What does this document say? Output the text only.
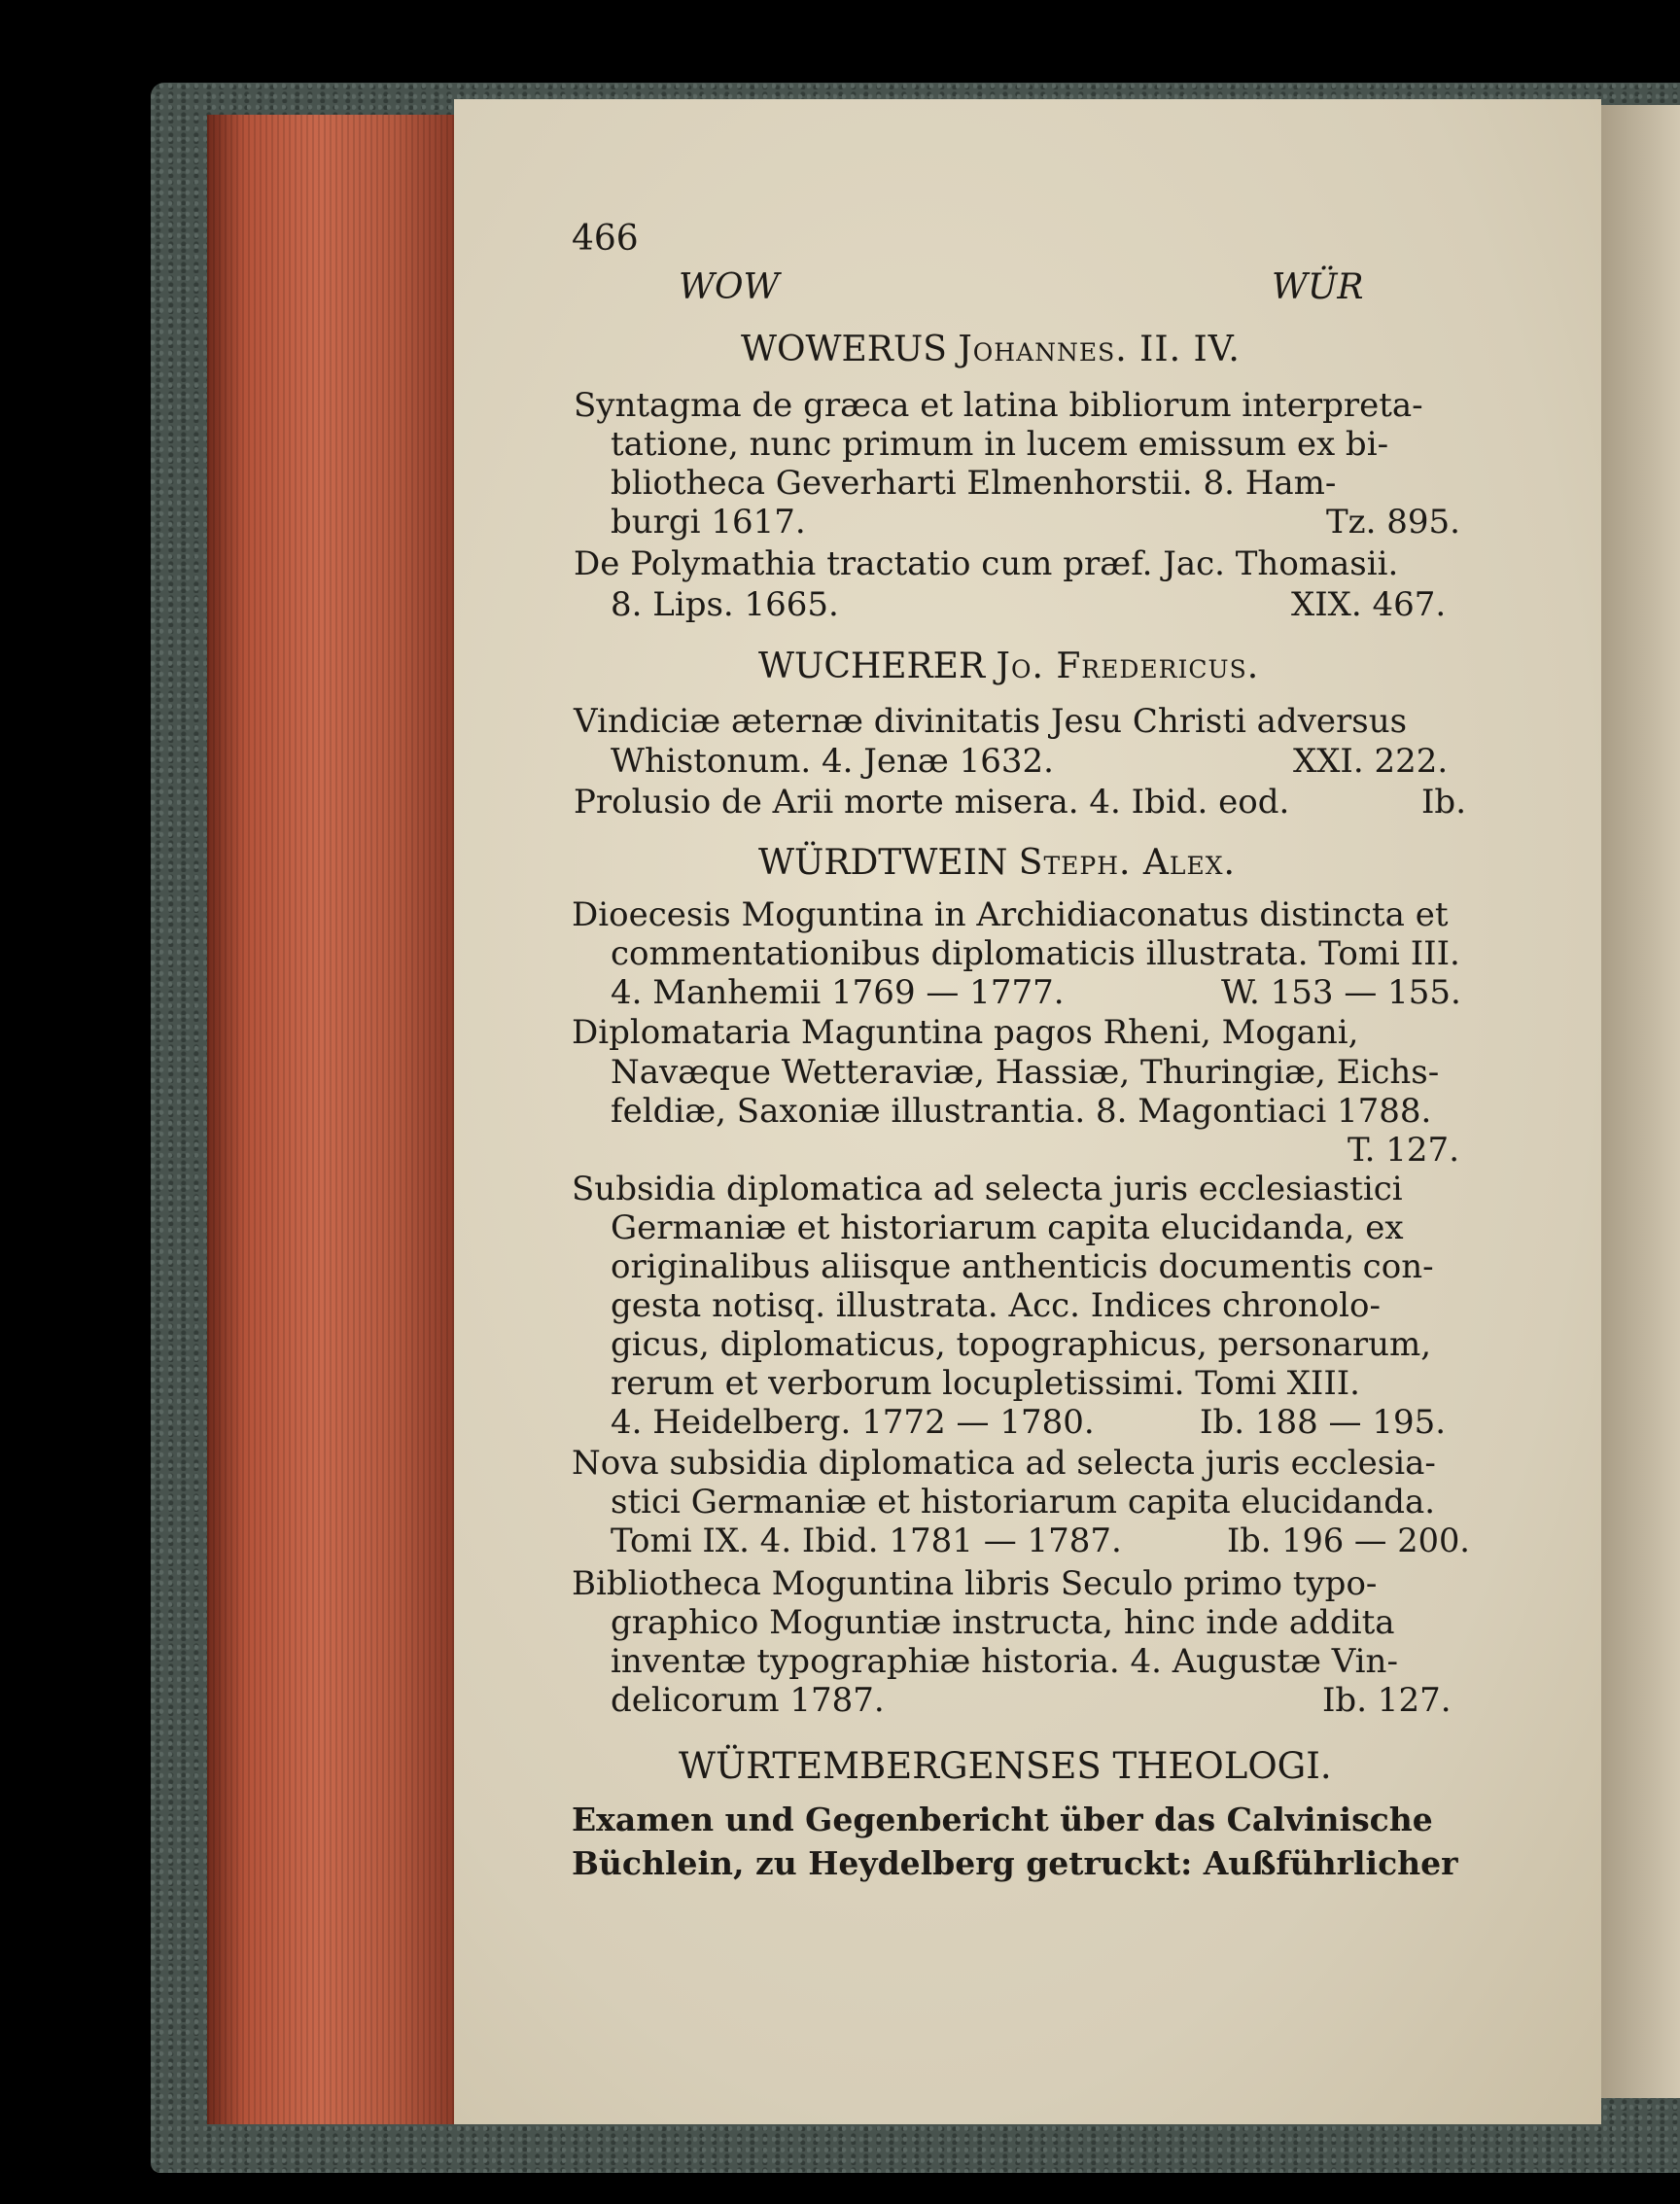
466
WOW	WÜR
WOWERUS Johannes. II. IV.
Syntagma de græca et latina bibliorum interpreta-
tatione, nunc primum in lucem emissum ex bi-
bliotheca Geverharti Elmenhorstii. 8. Ham-
burgi 1617.	Tz. 895.
De Polymathia tractatio cum præf. Jac. Thomasii.
8. Lips. 1665.	XIX. 467.
WUCHERER Jo. Fredericus.
Vindiciæ æternæ divinitatis Jesu Christi adversus
Whistonum. 4. Jenæ 1632.	XXI. 222.
Prolusio de Arii morte misera. 4. Ibid. eod.	Ib.
WÜRDTWEIN Steph. Alex.
Dioecesis Moguntina in Archidiaconatus distincta et
commentationibus diplomaticis illustrata. Tomi III.
4. Manhemii 1769 — 1777.	W. 153 — 155.
Diplomataria Maguntina pagos Rheni, Mogani,
Navæque Wetteraviæ, Hassiæ, Thuringiæ, Eichs-
feldiæ, Saxoniæ illustrantia. 8. Magontiaci 1788.
T. 127.
Subsidia diplomatica ad selecta juris ecclesiastici
Germaniæ et historiarum capita elucidanda, ex
originalibus aliisque anthenticis documentis con-
gesta notisq. illustrata. Acc. Indices chronolo-
gicus, diplomaticus, topographicus, personarum,
rerum et verborum locupletissimi. Tomi XIII.
4. Heidelberg. 1772 — 1780.	Ib. 188 — 195.
Nova subsidia diplomatica ad selecta juris ecclesia-
stici Germaniæ et historiarum capita elucidanda.
Tomi IX. 4. Ibid. 1781 — 1787.	Ib. 196 — 200.
Bibliotheca Moguntina libris Seculo primo typo-
graphico Moguntiæ instructa, hinc inde addita
inventæ typographiæ historia. 4. Augustæ Vin-
delicorum 1787.	Ib. 127.
WÜRTEMBERGENSES THEOLOGI.
Examen und Gegenbericht über das Calvinische
Büchlein, zu Heydelberg getruckt: Außführlicher
